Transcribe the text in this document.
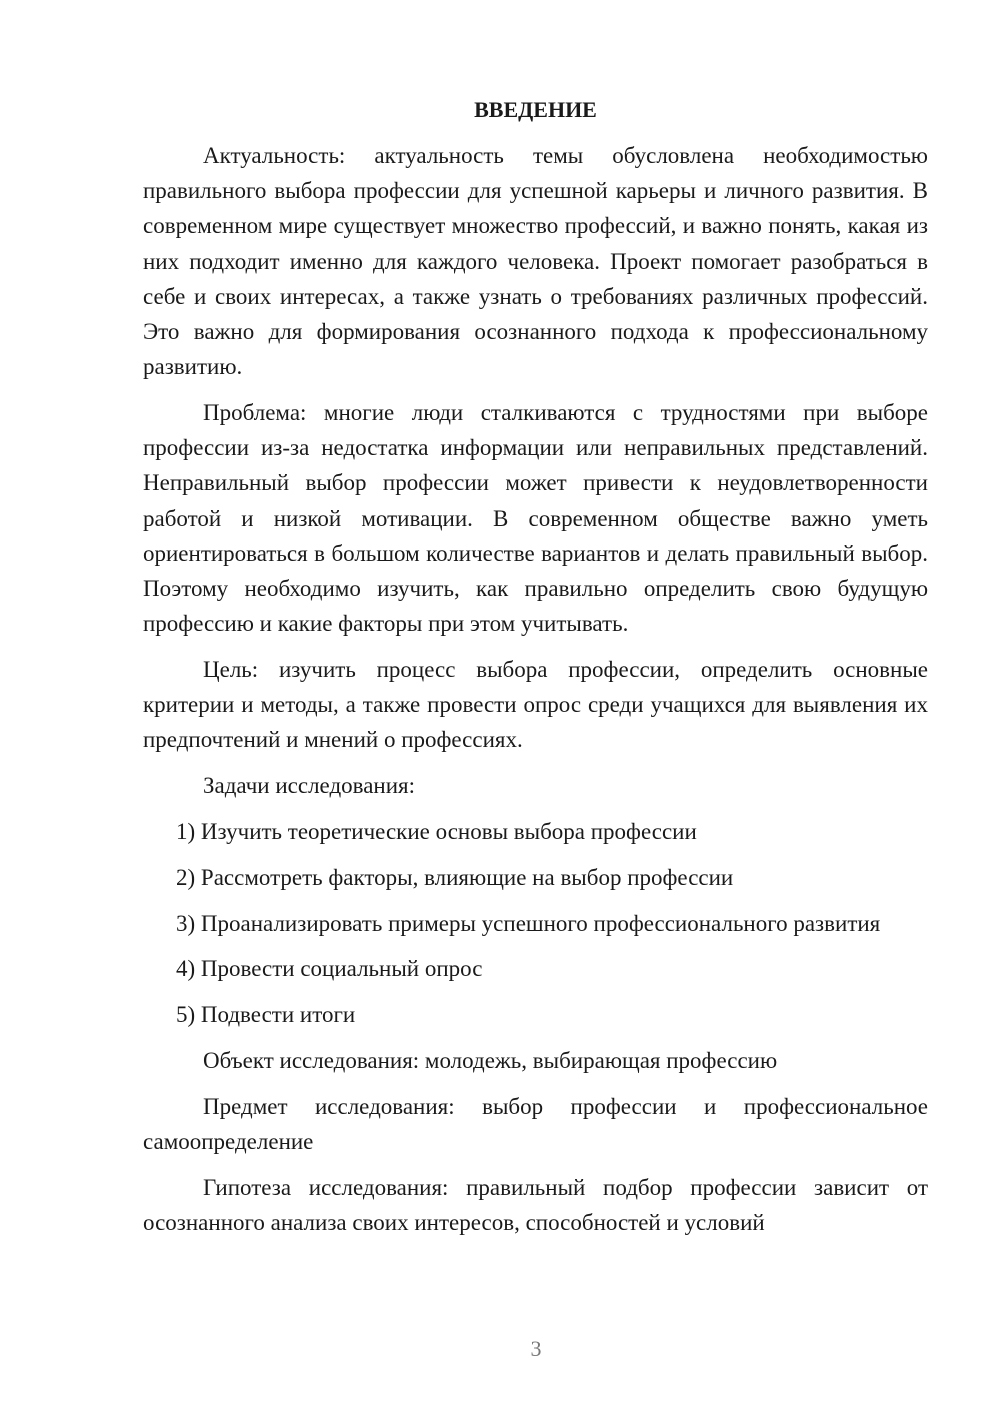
ВВЕДЕНИЕ

Актуальность: актуальность темы обусловлена необходимостью правильного выбора профессии для успешной карьеры и личного развития. В современном мире существует множество профессий, и важно понять, какая из них подходит именно для каждого человека. Проект помогает разобраться в себе и своих интересах, а также узнать о требованиях различных профессий. Это важно для формирования осознанного подхода к профессиональному развитию.

Проблема: многие люди сталкиваются с трудностями при выборе профессии из-за недостатка информации или неправильных представлений. Неправильный выбор профессии может привести к неудовлетворенности работой и низкой мотивации. В современном обществе важно уметь ориентироваться в большом количестве вариантов и делать правильный выбор. Поэтому необходимо изучить, как правильно определить свою будущую профессию и какие факторы при этом учитывать.

Цель: изучить процесс выбора профессии, определить основные критерии и методы, а также провести опрос среди учащихся для выявления их предпочтений и мнений о профессиях.

Задачи исследования:

1) Изучить теоретические основы выбора профессии

2) Рассмотреть факторы, влияющие на выбор профессии

3) Проанализировать примеры успешного профессионального развития

4) Провести социальный опрос

5) Подвести итоги

Объект исследования: молодежь, выбирающая профессию

Предмет исследования: выбор профессии и профессиональное самоопределение

Гипотеза исследования: правильный подбор профессии зависит от осознанного анализа своих интересов, способностей и условий

3
